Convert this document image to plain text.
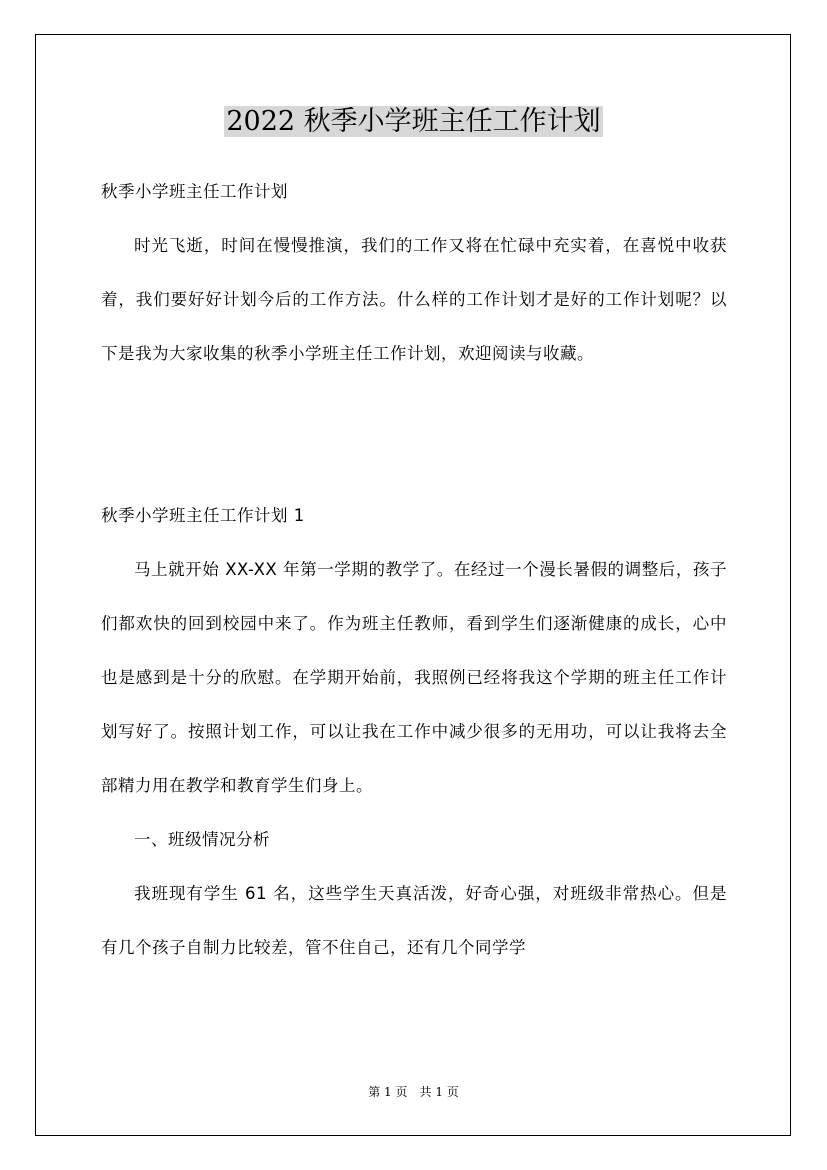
2022 秋季小学班主任工作计划
秋季小学班主任工作计划
时光飞逝，时间在慢慢推演，我们的工作又将在忙碌中充实着，在喜悦中收获着，我们要好好计划今后的工作方法。什么样的工作计划才是好的工作计划呢？以下是我为大家收集的秋季小学班主任工作计划，欢迎阅读与收藏。
秋季小学班主任工作计划 1
马上就开始 XX-XX 年第一学期的教学了。在经过一个漫长暑假的调整后，孩子们都欢快的回到校园中来了。作为班主任教师，看到学生们逐渐健康的成长，心中也是感到是十分的欣慰。在学期开始前，我照例已经将我这个学期的班主任工作计划写好了。按照计划工作，可以让我在工作中减少很多的无用功，可以让我将去全部精力用在教学和教育学生们身上。
一、班级情况分析
我班现有学生 61 名，这些学生天真活泼，好奇心强，对班级非常热心。但是有几个孩子自制力比较差，管不住自己，还有几个同学学
第 1 页　共 1 页
